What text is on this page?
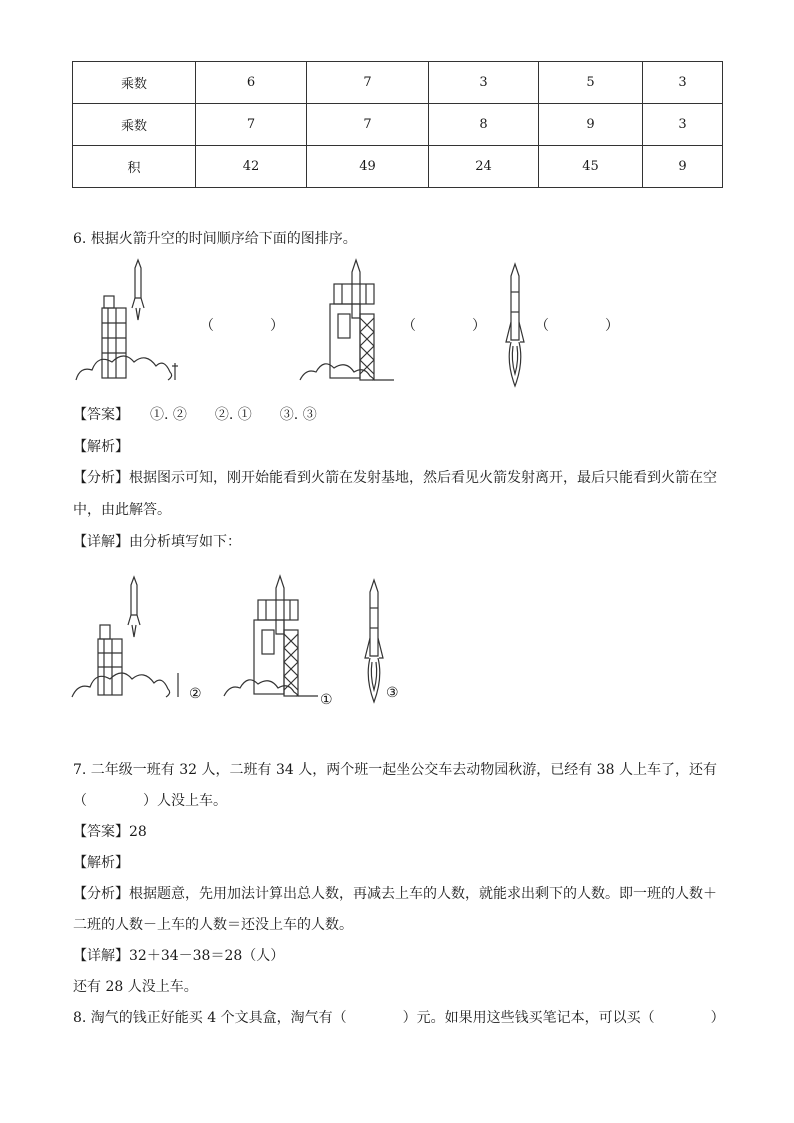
乘数	6	7	3	5	3
乘数	7	7	8	9	3
积	42	49	24	45	9
6. 根据火箭升空的时间顺序给下面的图排序。
（　　　　）	（　　　　）	（　　　　）
【答案】　　 ①. ②　　②. ①　　③. ③
【解析】
【分析】根据图示可知，刚开始能看到火箭在发射基地，然后看见火箭发射离开，最后只能看到火箭在空
中，由此解答。
【详解】由分析填写如下：
②	①	③
7. 二年级一班有 32 人，二班有 34 人，两个班一起坐公交车去动物园秋游，已经有 38 人上车了，还有
（　　　　）人没上车。
【答案】28
【解析】
【分析】根据题意，先用加法计算出总人数，再减去上车的人数，就能求出剩下的人数。即一班的人数＋
二班的人数－上车的人数＝还没上车的人数。
【详解】32＋34－38＝28（人）
还有 28 人没上车。
8. 淘气的钱正好能买 4 个文具盒，淘气有（　　　　）元。如果用这些钱买笔记本，可以买（　　　　）
